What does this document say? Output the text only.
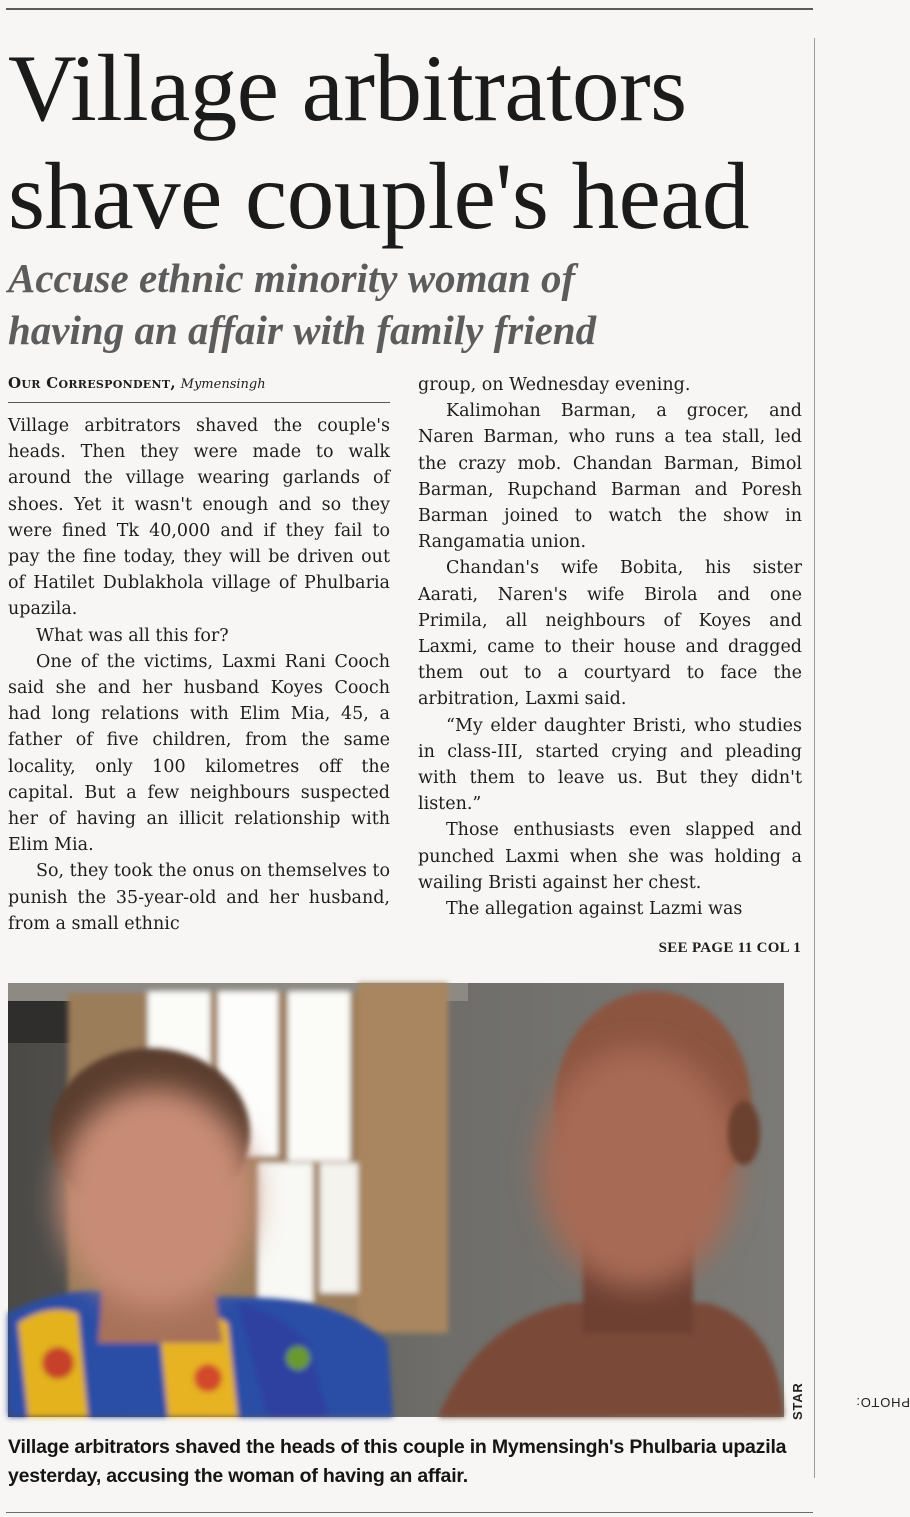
Village arbitrators
shave couple's head
Accuse ethnic minority woman of
having an affair with family friend
Our Correspondent, Mymensingh

Village arbitrators shaved the couple's heads. Then they were made to walk around the village wearing garlands of shoes. Yet it wasn't enough and so they were fined Tk 40,000 and if they fail to pay the fine today, they will be driven out of Hatilet Dublakhola village of Phulbaria upazila.

What was all this for?

One of the victims, Laxmi Rani Cooch said she and her husband Koyes Cooch had long relations with Elim Mia, 45, a father of five children, from the same locality, only 100 kilometres off the capital. But a few neighbours suspected her of having an illicit relationship with Elim Mia.

So, they took the onus on themselves to punish the 35-year-old and her husband, from a small ethnic

group, on Wednesday evening.

Kalimohan Barman, a grocer, and Naren Barman, who runs a tea stall, led the crazy mob. Chandan Barman, Bimol Barman, Rupchand Barman and Poresh Barman joined to watch the show in Rangamatia union.

Chandan's wife Bobita, his sister Aarati, Naren's wife Birola and one Primila, all neighbours of Koyes and Laxmi, came to their house and dragged them out to a courtyard to face the arbitration, Laxmi said.

“My elder daughter Bristi, who studies in class-III, started crying and pleading with them to leave us. But they didn't listen.”

Those enthusiasts even slapped and punched Laxmi when she was holding a wailing Bristi against her chest.

The allegation against Lazmi was

SEE PAGE 11 COL 1
PHOTO:
STAR

Village arbitrators shaved the heads of this couple in Mymensingh's Phulbaria upazila yesterday, accusing the woman of having an affair.
